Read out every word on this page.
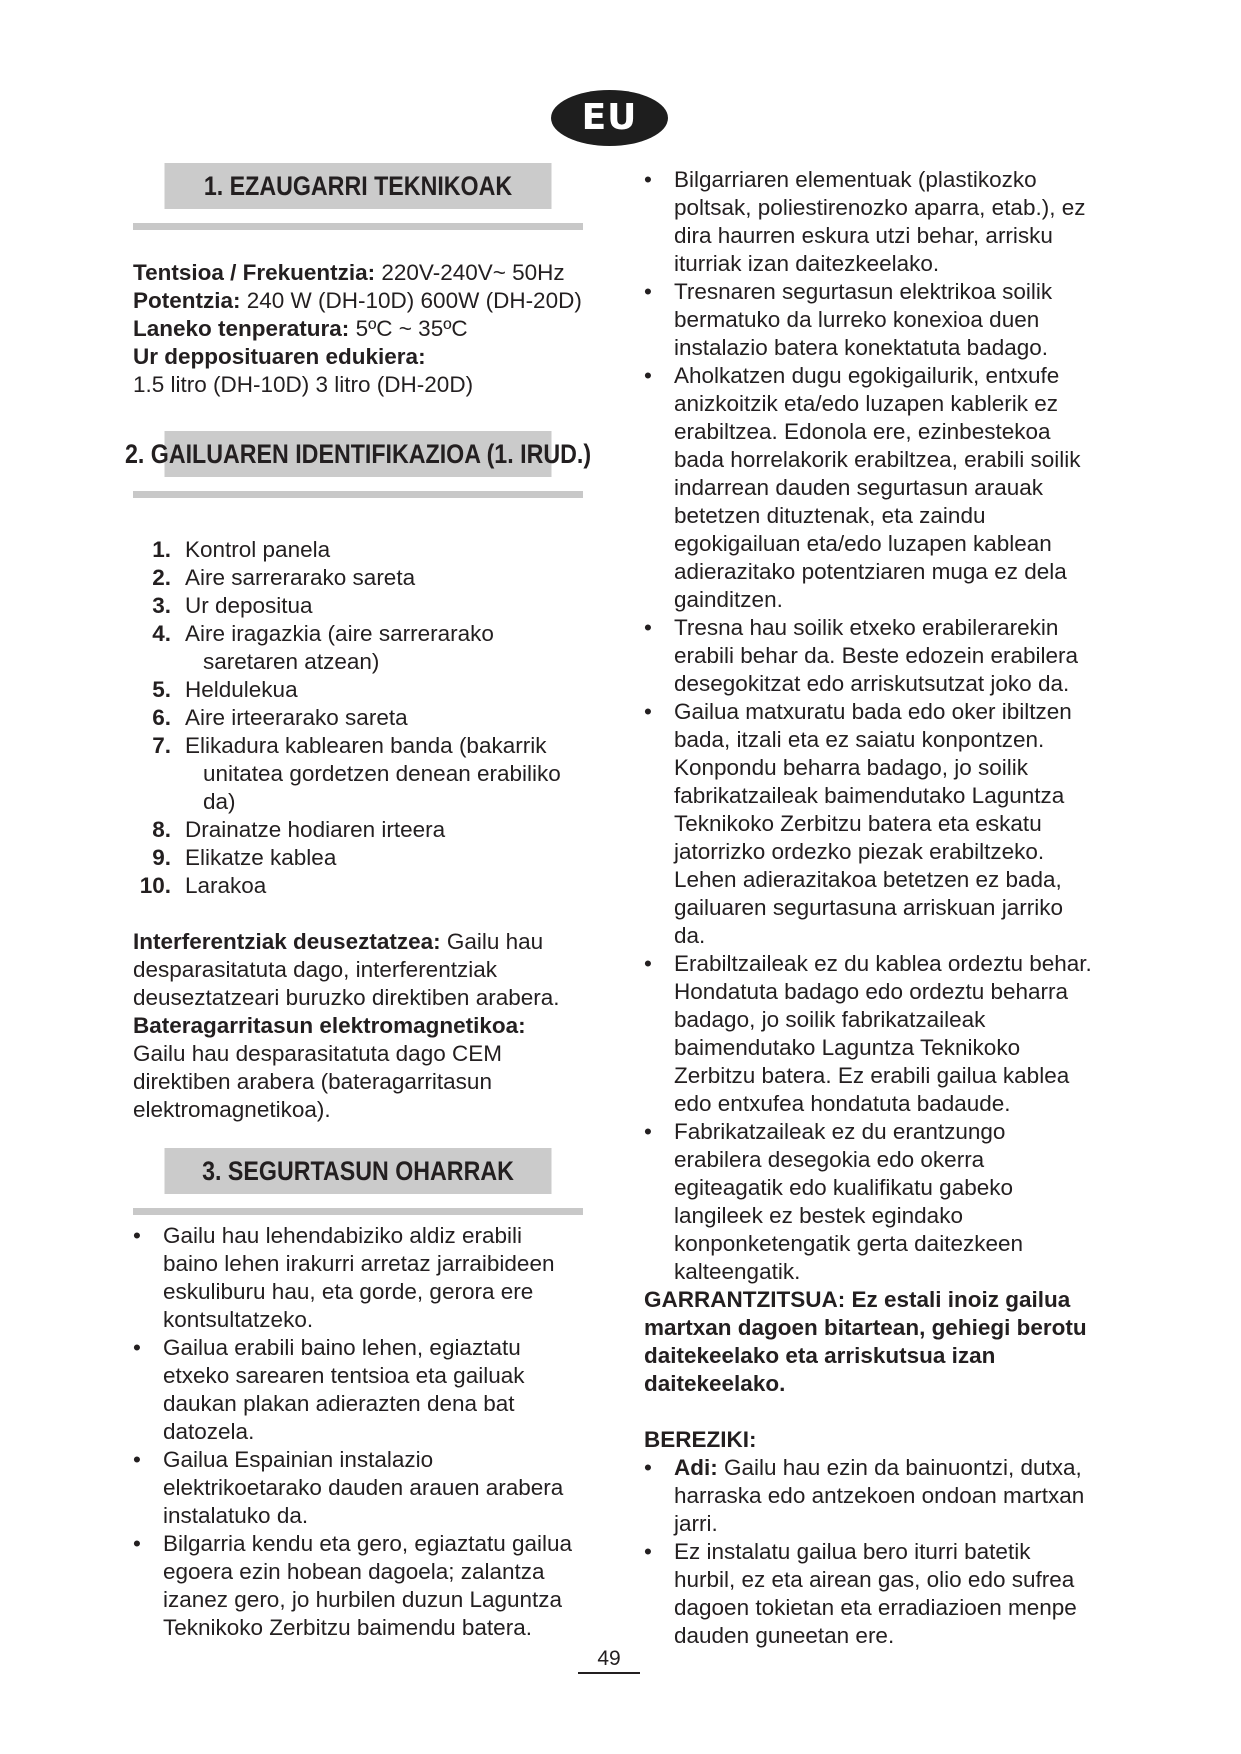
EU
1. EZAUGARRI TEKNIKOAK

Tentsioa / Frekuentzia: 220V-240V~ 50Hz

Potentzia: 240 W (DH-10D) 600W (DH-20D)

Laneko tenperatura: 5ºC ~ 35ºC

Ur depposituaren edukiera:

1.5 litro (DH-10D) 3 litro (DH-20D)

2. GAILUAREN IDENTIFIKAZIOA (1. IRUD.)
1. Kontrol panela
2. Aire sarrerarako sareta
3. Ur depositua
4. Aire iragazkia (aire sarrerarako
saretaren atzean)
5. Heldulekua
6. Aire irteerarako sareta
7. Elikadura kablearen banda (bakarrik
unitatea gordetzen denean erabiliko da)
8. Drainatze hodiaren irteera
9. Elikatze kablea
10. Larakoa

Interferentziak deuseztatzea: Gailu hau desparasitatuta dago, interferentziak deuseztatzeari buruzko direktiben arabera.

Bateragarritasun elektromagnetikoa:

Gailu hau desparasitatuta dago CEM direktiben arabera (bateragarritasun elektromagnetikoa).

3. SEGURTASUN OHARRAK
• Gailu hau lehendabiziko aldiz erabili baino lehen irakurri arretaz jarraibideen eskuliburu hau, eta gorde, gerora ere kontsultatzeko.
• Gailua erabili baino lehen, egiaztatu etxeko sarearen tentsioa eta gailuak daukan plakan adierazten dena bat datozela.
• Gailua Espainian instalazio elektrikoetarako dauden arauen arabera instalatuko da.
• Bilgarria kendu eta gero, egiaztatu gailua egoera ezin hobean dagoela; zalantza izanez gero, jo hurbilen duzun Laguntza Teknikoko Zerbitzu baimendu batera.
• Bilgarriaren elementuak (plastikozko poltsak, poliestirenozko aparra, etab.), ez dira haurren eskura utzi behar, arrisku iturriak izan daitezkeelako.
• Tresnaren segurtasun elektrikoa soilik bermatuko da lurreko konexioa duen instalazio batera konektatuta badago.
• Aholkatzen dugu egokigailurik, entxufe anizkoitzik eta/edo luzapen kablerik ez erabiltzea. Edonola ere, ezinbestekoa bada horrelakorik erabiltzea, erabili soilik indarrean dauden segurtasun arauak betetzen dituztenak, eta zaindu egokigailuan eta/edo luzapen kablean adierazitako potentziaren muga ez dela gainditzen.
• Tresna hau soilik etxeko erabilerarekin erabili behar da. Beste edozein erabilera desegokitzat edo arriskutsutzat joko da.
• Gailua matxuratu bada edo oker ibiltzen bada, itzali eta ez saiatu konpontzen. Konpondu beharra badago, jo soilik fabrikatzaileak baimendutako Laguntza Teknikoko Zerbitzu batera eta eskatu jatorrizko ordezko piezak erabiltzeko. Lehen adierazitakoa betetzen ez bada, gailuaren segurtasuna arriskuan jarriko da.
• Erabiltzaileak ez du kablea ordeztu behar. Hondatuta badago edo ordeztu beharra badago, jo soilik fabrikatzaileak baimendutako Laguntza Teknikoko Zerbitzu batera. Ez erabili gailua kablea edo entxufea hondatuta badaude.
• Fabrikatzaileak ez du erantzungo erabilera desegokia edo okerra egiteagatik edo kualifikatu gabeko langileek ez bestek egindako konponketengatik gerta daitezkeen kalteengatik.

GARRANTZITSUA: Ez estali inoiz gailua martxan dagoen bitartean, gehiegi berotu daitekeelako eta arriskutsua izan daitekeelako.

BEREZIKI:

• Adi: Gailu hau ezin da bainuontzi, dutxa, harraska edo antzekoen ondoan martxan jarri.
• Ez instalatu gailua bero iturri batetik hurbil, ez eta airean gas, olio edo sufrea dagoen tokietan eta erradiazioen menpe dauden guneetan ere.
49
